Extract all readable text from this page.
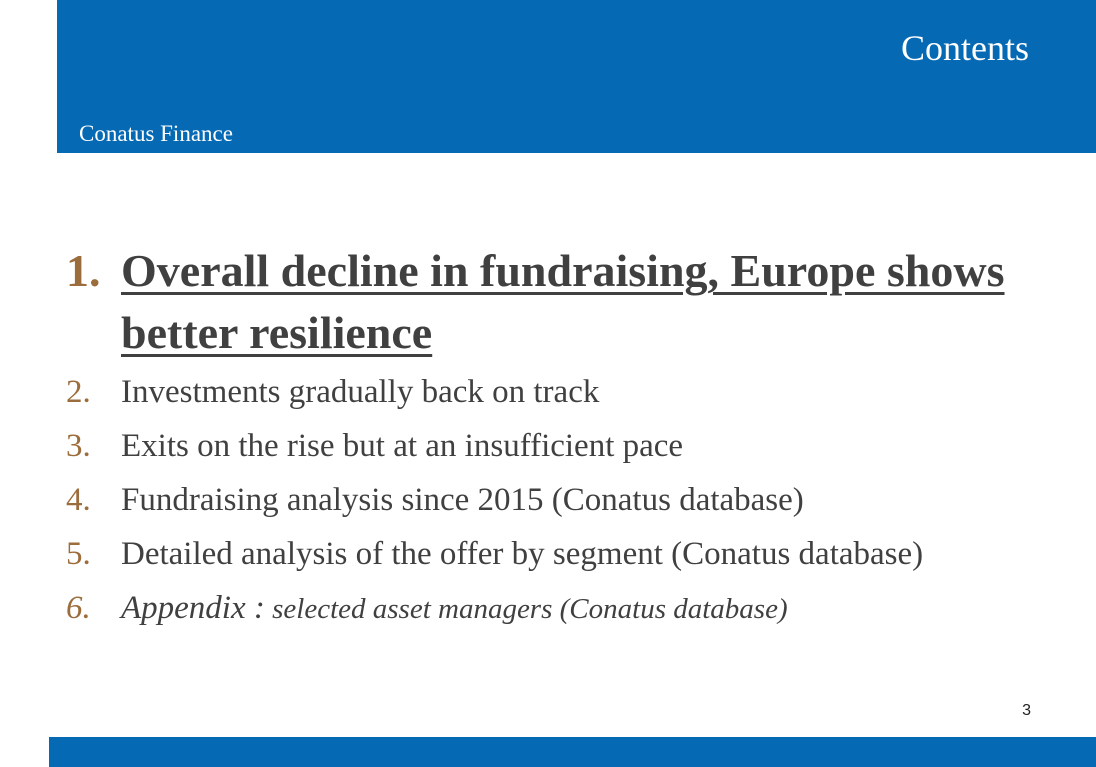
Contents
Conatus Finance
1. Overall decline in fundraising, Europe shows better resilience
2. Investments gradually back on track
3. Exits on the rise but at an insufficient pace
4. Fundraising analysis since 2015 (Conatus database)
5. Detailed analysis of the offer by segment (Conatus database)
6. Appendix : selected asset managers (Conatus database)
3
